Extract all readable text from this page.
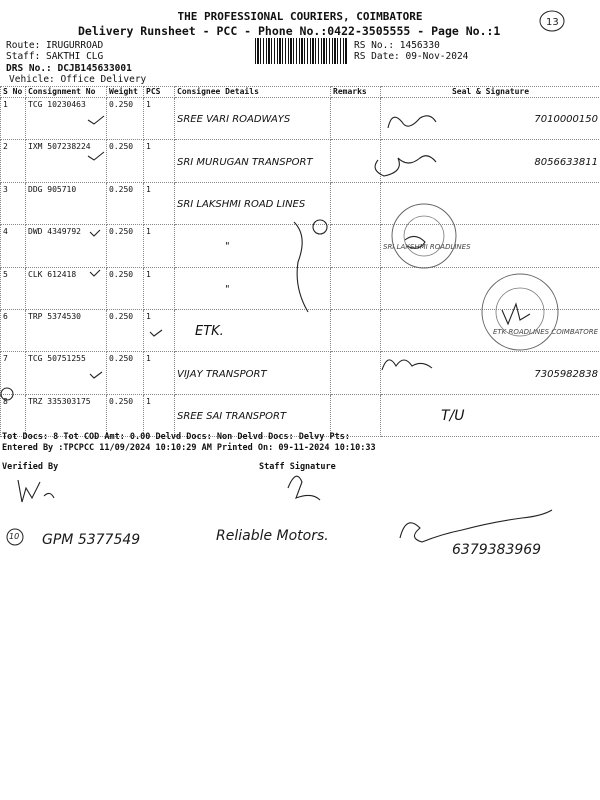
THE PROFESSIONAL COURIERS, COIMBATORE
Delivery Runsheet - PCC - Phone No.:0422-3505555 - Page No.:1
13
Route: IRUGURROAD
Staff: SAKTHI CLG
DRS No.: DCJB145633001
Vehicle: Office Delivery
RS No.: 1456330
RS Date: 09-Nov-2024
S No	Consignment No	Weight	PCS	Consignee Details	Remarks	Seal & Signature
1	TCG 10230463	0.250	1	SREE VARI ROADWAYS		7010000150
2	IXM 507238224	0.250	1	SRI MURUGAN TRANSPORT		8056633811
3	DDG 905710	0.250	1	SRI LAKSHMI ROAD LINES		
4	DWD 4349792	0.250	1	"		SRI LAKSHMI ROADLINES
5	CLK 612418	0.250	1	"		
6	TRP 5374530	0.250	1	ETK.		ETK ROADLINES COIMBATORE
7	TCG 50751255	0.250	1	VIJAY TRANSPORT		7305982838
8	TRZ 335303175	0.250	1	SREE SAI TRANSPORT		T/U
Tot Docs: 8 Tot COD Amt: 0.00 Delvd Docs: Non Delvd Docs: Delvy Pts:
Entered By :TPCPCC 11/09/2024 10:10:29 AM Printed On: 09-11-2024 10:10:33
Verified By	Staff Signature
10 GPM 5377549	Reliable Motors.
6379383969
